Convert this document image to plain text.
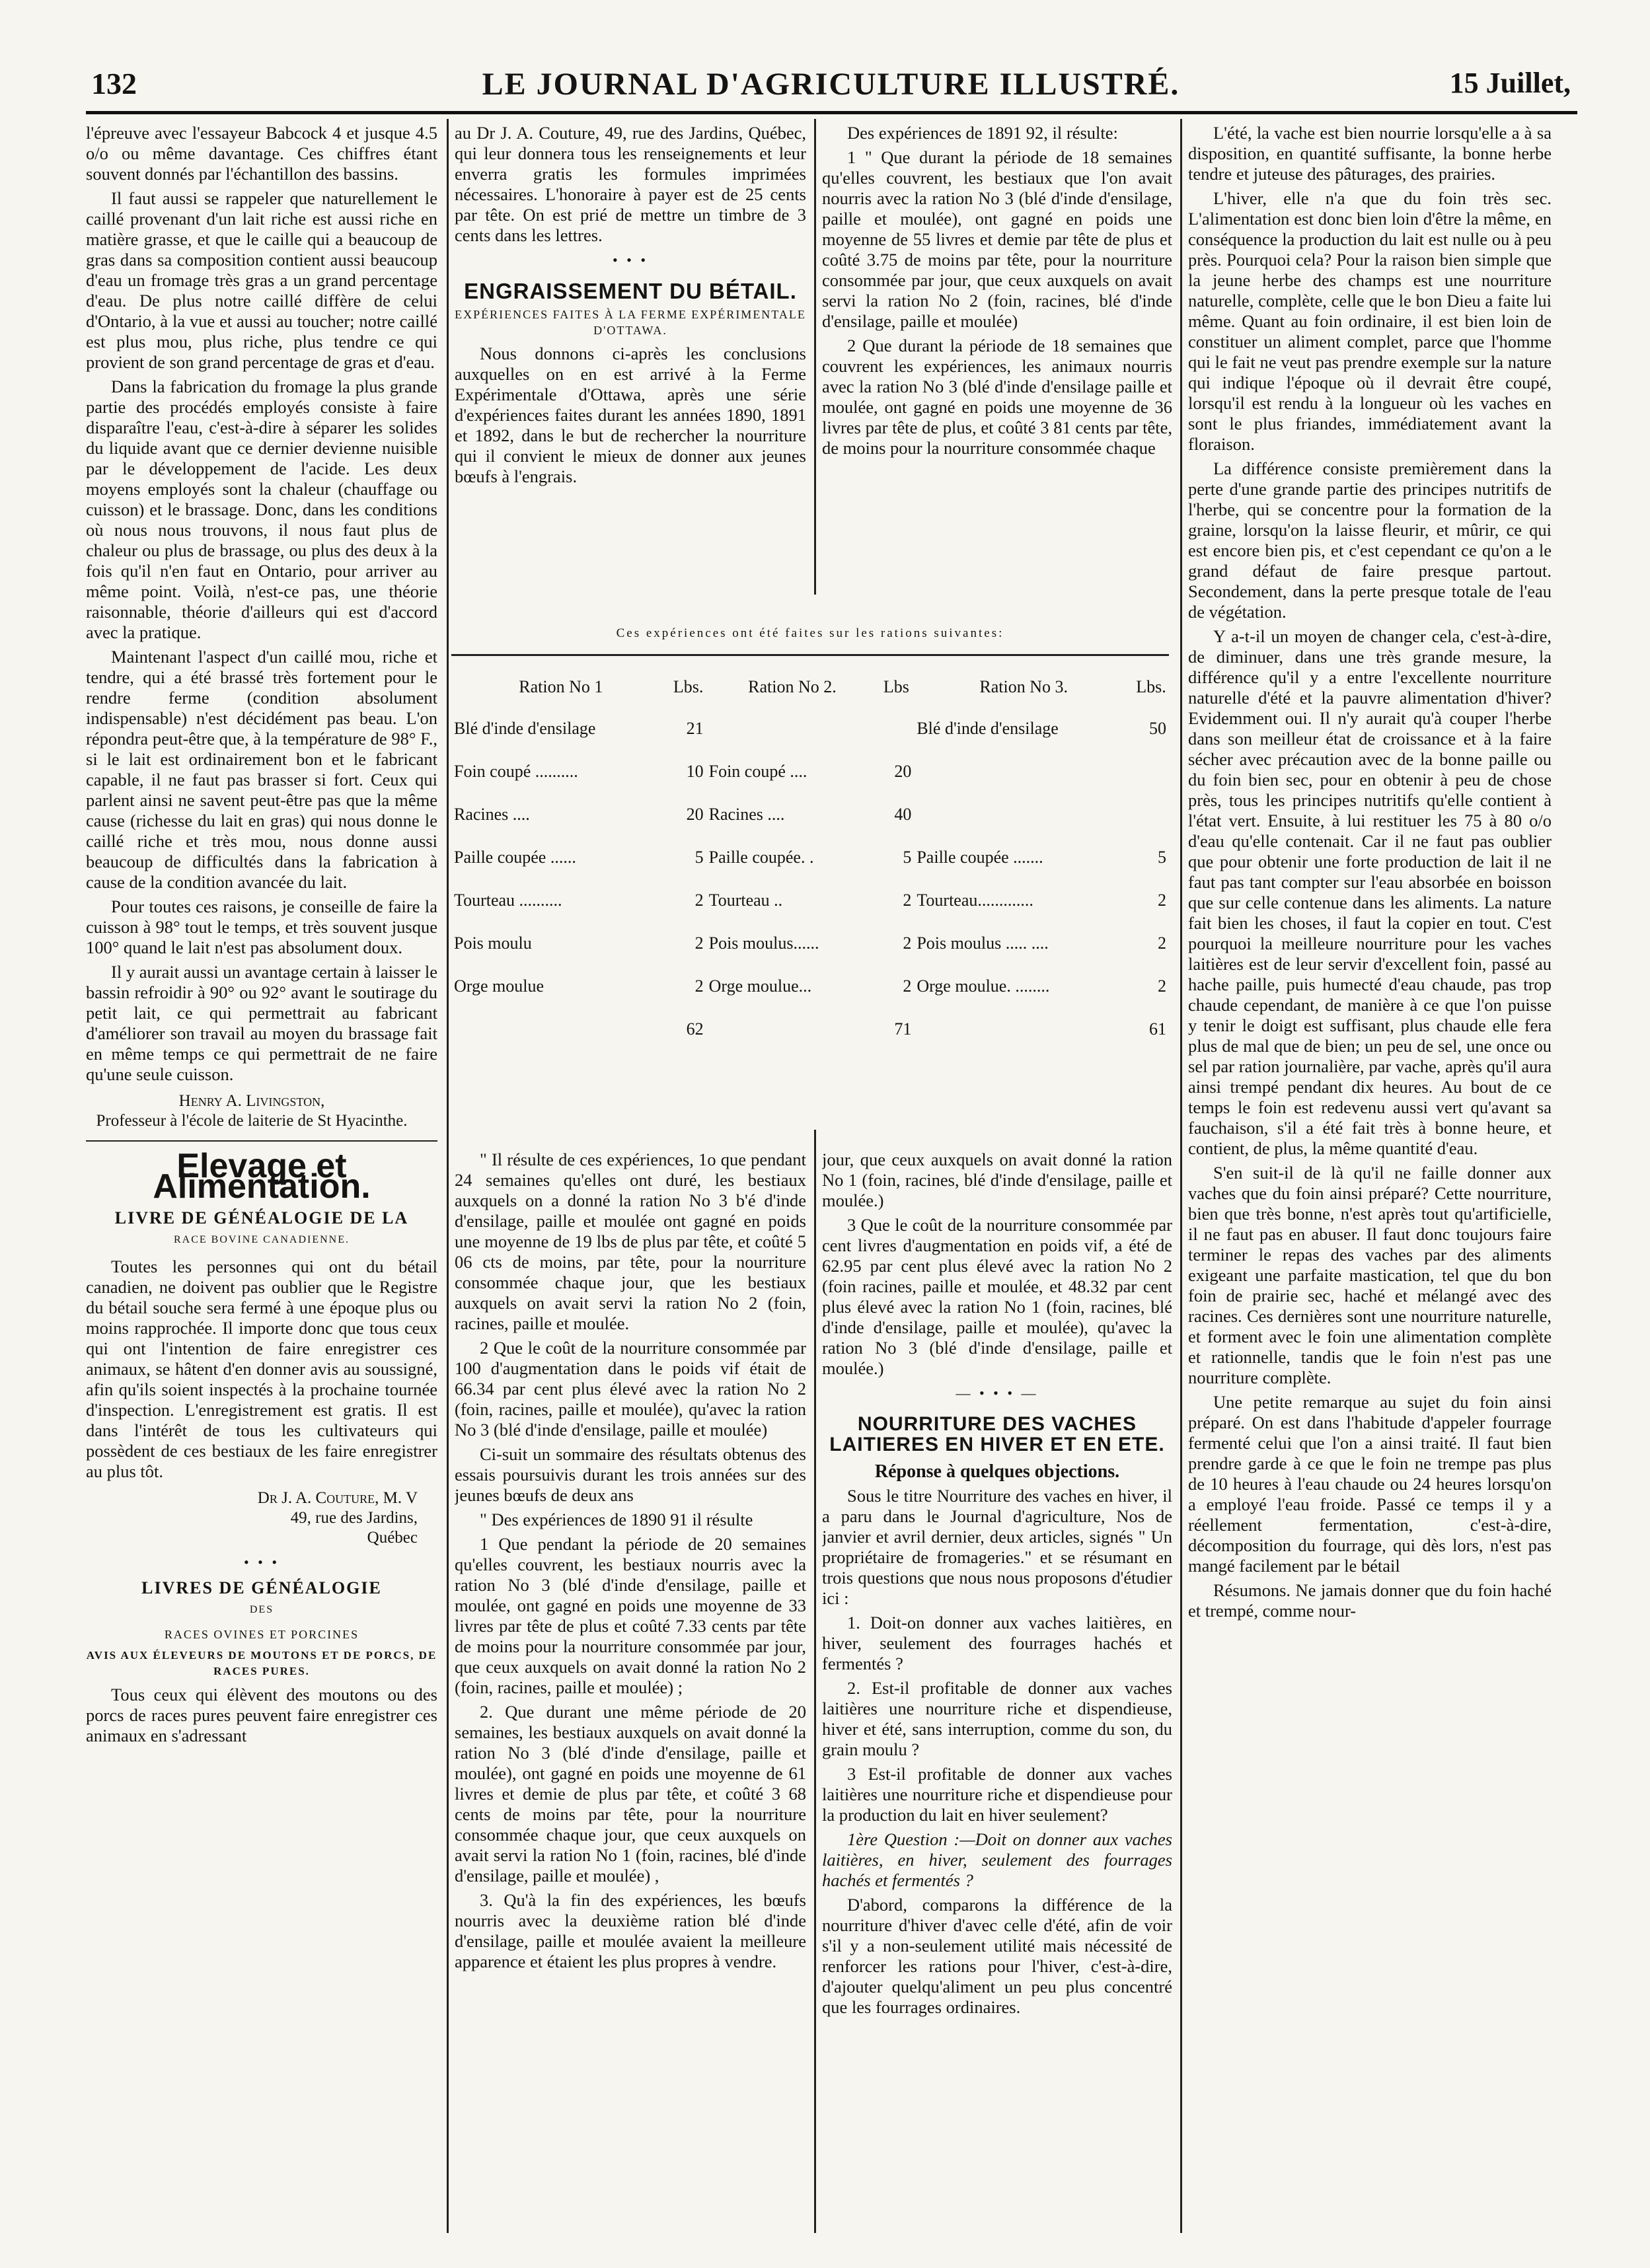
132	LE JOURNAL D'AGRICULTURE ILLUSTRÉ.	15 Juillet,

l'épreuve avec l'essayeur Babcock 4 et jusque 4.5 o/o ou même davantage. Ces chiffres étant souvent donnés par l'échantillon des bassins.

Il faut aussi se rappeler que naturellement le caillé provenant d'un lait riche est aussi riche en matière grasse, et que le caille qui a beaucoup de gras dans sa composition contient aussi beaucoup d'eau un fromage très gras a un grand percentage d'eau. De plus notre caillé diffère de celui d'Ontario, à la vue et aussi au toucher; notre caillé est plus mou, plus riche, plus tendre ce qui provient de son grand percentage de gras et d'eau.

Dans la fabrication du fromage la plus grande partie des procédés employés consiste à faire disparaître l'eau, c'est-à-dire à séparer les solides du liquide avant que ce dernier devienne nuisible par le développement de l'acide. Les deux moyens employés sont la chaleur (chauffage ou cuisson) et le brassage. Donc, dans les conditions où nous nous trouvons, il nous faut plus de chaleur ou plus de brassage, ou plus des deux à la fois qu'il n'en faut en Ontario, pour arriver au même point. Voilà, n'est-ce pas, une théorie raisonnable, théorie d'ailleurs qui est d'accord avec la pratique.

Maintenant l'aspect d'un caillé mou, riche et tendre, qui a été brassé très fortement pour le rendre ferme (condition absolument indispensable) n'est décidément pas beau. L'on répondra peut-être que, à la température de 98° F., si le lait est ordinairement bon et le fabricant capable, il ne faut pas brasser si fort. Ceux qui parlent ainsi ne savent peut-être pas que la même cause (richesse du lait en gras) qui nous donne le caillé riche et très mou, nous donne aussi beaucoup de difficultés dans la fabrication à cause de la condition avancée du lait.

Pour toutes ces raisons, je conseille de faire la cuisson à 98° tout le temps, et très souvent jusque 100° quand le lait n'est pas absolument doux.

Il y aurait aussi un avantage certain à laisser le bassin refroidir à 90° ou 92° avant le soutirage du petit lait, ce qui permettrait au fabricant d'améliorer son travail au moyen du brassage fait en même temps ce qui permettrait de ne faire qu'une seule cuisson.

Henry A. Livingston,
Professeur à l'école de laiterie de St Hyacinthe.
Elevage et Alimentation.
LIVRE DE GÉNÉALOGIE DE LA
RACE BOVINE CANADIENNE.

Toutes les personnes qui ont du bétail canadien, ne doivent pas oublier que le Registre du bétail souche sera fermé à une époque plus ou moins rapprochée. Il importe donc que tous ceux qui ont l'intention de faire enregistrer ces animaux, se hâtent d'en donner avis au soussigné, afin qu'ils soient inspectés à la prochaine tournée d'inspection. L'enregistrement est gratis. Il est dans l'intérêt de tous les cultivateurs qui possèdent de ces bestiaux de les faire enregistrer au plus tôt.

Dr J. A. Couture, M. V
49, rue des Jardins,
Québec
• • •
LIVRES DE GÉNÉALOGIE
DES
RACES OVINES ET PORCINES
AVIS AUX ÉLEVEURS DE MOUTONS ET DE PORCS, DE RACES PURES.

Tous ceux qui élèvent des moutons ou des porcs de races pures peuvent faire enregistrer ces animaux en s'adressant

au Dr J. A. Couture, 49, rue des Jardins, Québec, qui leur donnera tous les renseignements et leur enverra gratis les formules imprimées nécessaires. L'honoraire à payer est de 25 cents par tête. On est prié de mettre un timbre de 3 cents dans les lettres.

• • •
ENGRAISSEMENT DU BÉTAIL.
EXPÉRIENCES FAITES À LA FERME EXPÉRIMENTALE D'OTTAWA.

Nous donnons ci-après les conclusions auxquelles on en est arrivé à la Ferme Expérimentale d'Ottawa, après une série d'expériences faites durant les années 1890, 1891 et 1892, dans le but de rechercher la nourriture qui il convient le mieux de donner aux jeunes bœufs à l'engrais.

Des expériences de 1891 92, il résulte:

1 " Que durant la période de 18 semaines qu'elles couvrent, les bestiaux que l'on avait nourris avec la ration No 3 (blé d'inde d'ensilage, paille et moulée), ont gagné en poids une moyenne de 55 livres et demie par tête de plus et coûté 3.75 de moins par tête, pour la nourriture consommée par jour, que ceux auxquels on avait servi la ration No 2 (foin, racines, blé d'inde d'ensilage, paille et moulée)

2 Que durant la période de 18 semaines que couvrent les expériences, les animaux nourris avec la ration No 3 (blé d'inde d'ensilage paille et moulée, ont gagné en poids une moyenne de 36 livres par tête de plus, et coûté 3 81 cents par tête, de moins pour la nourriture consommée chaque

Ces expériences ont été faites sur les rations suivantes:
Ration No 1	Lbs.	Ration No 2.	Lbs	Ration No 3.	Lbs.
Blé d'inde d'ensilage	21			Blé d'inde d'ensilage	50
Foin coupé ..........	10	Foin coupé ....	20		
Racines ....	20	Racines ....	40		
Paille coupée ......	5	Paille coupée. .	5	Paille coupée .......	5
Tourteau ..........	2	Tourteau ..	2	Tourteau.............	2
Pois moulu	2	Pois moulus......	2	Pois moulus ..... ....	2
Orge moulue	2	Orge moulue...	2	Orge moulue. ........	2
	62		71		61

" Il résulte de ces expériences, 1o que pendant 24 semaines qu'elles ont duré, les bestiaux auxquels on a donné la ration No 3 b'é d'inde d'ensilage, paille et moulée ont gagné en poids une moyenne de 19 lbs de plus par tête, et coûté 5 06 cts de moins, par tête, pour la nourriture consommée chaque jour, que les bestiaux auxquels on avait servi la ration No 2 (foin, racines, paille et moulée.

2 Que le coût de la nourriture consommée par 100 d'augmentation dans le poids vif était de 66.34 par cent plus élevé avec la ration No 2 (foin, racines, paille et moulée), qu'avec la ration No 3 (blé d'inde d'ensilage, paille et moulée)

Ci-suit un sommaire des résultats obtenus des essais poursuivis durant les trois années sur des jeunes bœufs de deux ans

" Des expériences de 1890 91 il résulte

1 Que pendant la période de 20 semaines qu'elles couvrent, les bestiaux nourris avec la ration No 3 (blé d'inde d'ensilage, paille et moulée, ont gagné en poids une moyenne de 33 livres par tête de plus et coûté 7.33 cents par tête de moins pour la nourriture consommée par jour, que ceux auxquels on avait donné la ration No 2 (foin, racines, paille et moulée) ;

2. Que durant une même période de 20 semaines, les bestiaux auxquels on avait donné la ration No 3 (blé d'inde d'ensilage, paille et moulée), ont gagné en poids une moyenne de 61 livres et demie de plus par tête, et coûté 3 68 cents de moins par tête, pour la nourriture consommée chaque jour, que ceux auxquels on avait servi la ration No 1 (foin, racines, blé d'inde d'ensilage, paille et moulée) ,

3. Qu'à la fin des expériences, les bœufs nourris avec la deuxième ration blé d'inde d'ensilage, paille et moulée avaient la meilleure apparence et étaient les plus propres à vendre.

jour, que ceux auxquels on avait donné la ration No 1 (foin, racines, blé d'inde d'ensilage, paille et moulée.)

3 Que le coût de la nourriture consommée par cent livres d'augmentation en poids vif, a été de 62.95 par cent plus élevé avec la ration No 2 (foin racines, paille et moulée, et 48.32 par cent plus élevé avec la ration No 1 (foin, racines, blé d'inde d'ensilage, paille et moulée), qu'avec la ration No 3 (blé d'inde d'ensilage, paille et moulée.)

— • • • —
NOURRITURE DES VACHES LAITIERES EN HIVER ET EN ETE.
Réponse à quelques objections.

Sous le titre Nourriture des vaches en hiver, il a paru dans le Journal d'agriculture, Nos de janvier et avril dernier, deux articles, signés " Un propriétaire de fromageries." et se résumant en trois questions que nous nous proposons d'étudier ici :

1. Doit-on donner aux vaches laitières, en hiver, seulement des fourrages hachés et fermentés ?

2. Est-il profitable de donner aux vaches laitières une nourriture riche et dispendieuse, hiver et été, sans interruption, comme du son, du grain moulu ?

3 Est-il profitable de donner aux vaches laitières une nourriture riche et dispendieuse pour la production du lait en hiver seulement?

1ère Question :—Doit on donner aux vaches laitières, en hiver, seulement des fourrages hachés et fermentés ?

D'abord, comparons la différence de la nourriture d'hiver d'avec celle d'été, afin de voir s'il y a non-seulement utilité mais nécessité de renforcer les rations pour l'hiver, c'est-à-dire, d'ajouter quelqu'aliment un peu plus concentré que les fourrages ordinaires.

L'été, la vache est bien nourrie lorsqu'elle a à sa disposition, en quantité suffisante, la bonne herbe tendre et juteuse des pâturages, des prairies.

L'hiver, elle n'a que du foin très sec. L'alimentation est donc bien loin d'être la même, en conséquence la production du lait est nulle ou à peu près. Pourquoi cela? Pour la raison bien simple que la jeune herbe des champs est une nourriture naturelle, complète, celle que le bon Dieu a faite lui même. Quant au foin ordinaire, il est bien loin de constituer un aliment complet, parce que l'homme qui le fait ne veut pas prendre exemple sur la nature qui indique l'époque où il devrait être coupé, lorsqu'il est rendu à la longueur où les vaches en sont le plus friandes, immédiatement avant la floraison.

La différence consiste premièrement dans la perte d'une grande partie des principes nutritifs de l'herbe, qui se concentre pour la formation de la graine, lorsqu'on la laisse fleurir, et mûrir, ce qui est encore bien pis, et c'est cependant ce qu'on a le grand défaut de faire presque partout. Secondement, dans la perte presque totale de l'eau de végétation.

Y a-t-il un moyen de changer cela, c'est-à-dire, de diminuer, dans une très grande mesure, la différence qu'il y a entre l'excellente nourriture naturelle d'été et la pauvre alimentation d'hiver? Evidemment oui. Il n'y aurait qu'à couper l'herbe dans son meilleur état de croissance et à la faire sécher avec précaution avec de la bonne paille ou du foin bien sec, pour en obtenir à peu de chose près, tous les principes nutritifs qu'elle contient à l'état vert. Ensuite, à lui restituer les 75 à 80 o/o d'eau qu'elle contenait. Car il ne faut pas oublier que pour obtenir une forte production de lait il ne faut pas tant compter sur l'eau absorbée en boisson que sur celle contenue dans les aliments. La nature fait bien les choses, il faut la copier en tout. C'est pourquoi la meilleure nourriture pour les vaches laitières est de leur servir d'excellent foin, passé au hache paille, puis humecté d'eau chaude, pas trop chaude cependant, de manière à ce que l'on puisse y tenir le doigt est suffisant, plus chaude elle fera plus de mal que de bien; un peu de sel, une once ou sel par ration journalière, par vache, après qu'il aura ainsi trempé pendant dix heures. Au bout de ce temps le foin est redevenu aussi vert qu'avant sa fauchaison, s'il a été fait très à bonne heure, et contient, de plus, la même quantité d'eau.

S'en suit-il de là qu'il ne faille donner aux vaches que du foin ainsi préparé? Cette nourriture, bien que très bonne, n'est après tout qu'artificielle, il ne faut pas en abuser. Il faut donc toujours faire terminer le repas des vaches par des aliments exigeant une parfaite mastication, tel que du bon foin de prairie sec, haché et mélangé avec des racines. Ces dernières sont une nourriture naturelle, et forment avec le foin une alimentation complète et rationnelle, tandis que le foin n'est pas une nourriture complète.

Une petite remarque au sujet du foin ainsi préparé. On est dans l'habitude d'appeler fourrage fermenté celui que l'on a ainsi traité. Il faut bien prendre garde à ce que le foin ne trempe pas plus de 10 heures à l'eau chaude ou 24 heures lorsqu'on a employé l'eau froide. Passé ce temps il y a réellement fermentation, c'est-à-dire, décomposition du fourrage, qui dès lors, n'est pas mangé facilement par le bétail

Résumons. Ne jamais donner que du foin haché et trempé, comme nour-
